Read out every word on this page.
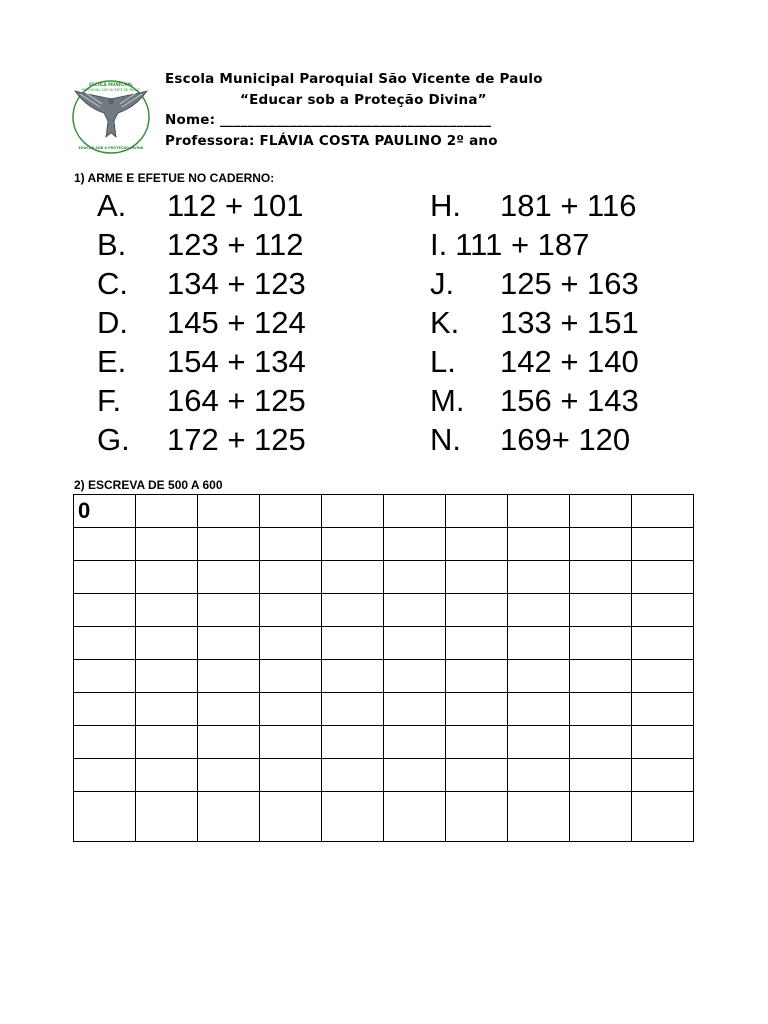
ESCOLA MUNICIPAL
PAROQUIAL SÃO VICENTE DE PAULO
EDUCAR SOB A PROTEÇÃO DIVINA
Escola Municipal Paroquial São Vicente de Paulo
“Educar sob a Proteção Divina”
Nome: _______________________________________
Professora: FLÁVIA COSTA PAULINO 2º ano
1) ARME E EFETUE NO CADERNO:
A. 112 + 101
B. 123 + 112
C. 134 + 123
D. 145 + 124
E. 154 + 134
F. 164 + 125
G. 172 + 125
H. 181 + 116
I. 111 + 187
J. 125 + 163
K. 133 + 151
L. 142 + 140
M. 156 + 143
N. 169+ 120
2) ESCREVA DE 500 A 600
0									
